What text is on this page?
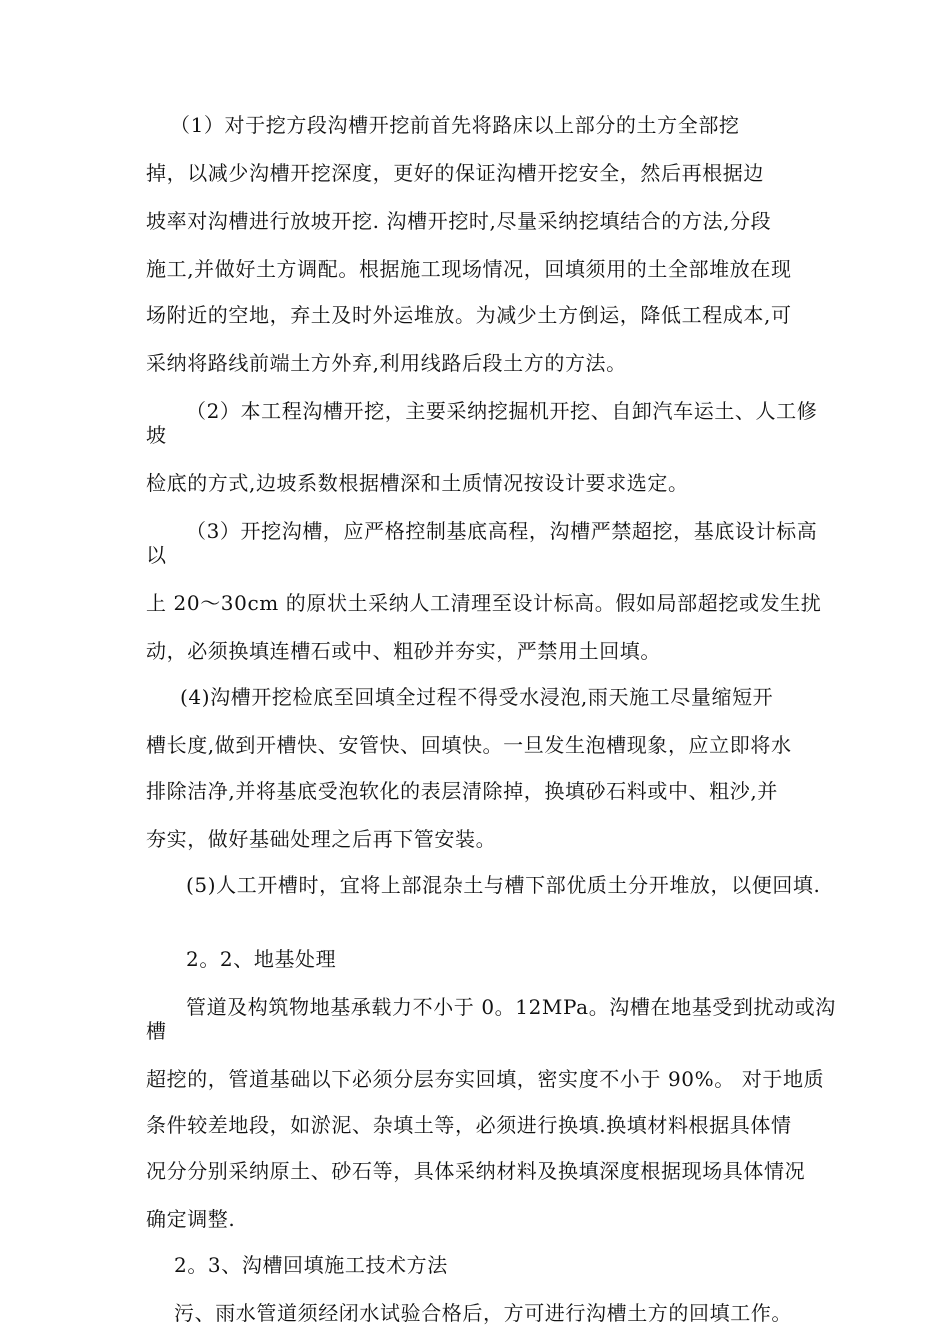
（1）对于挖方段沟槽开挖前首先将路床以上部分的土方全部挖
掉，以减少沟槽开挖深度，更好的保证沟槽开挖安全，然后再根据边
坡率对沟槽进行放坡开挖. 沟槽开挖时,尽量采纳挖填结合的方法,分段
施工,并做好土方调配。根据施工现场情况，回填须用的土全部堆放在现
场附近的空地，弃土及时外运堆放。为减少土方倒运，降低工程成本,可
采纳将路线前端土方外弃,利用线路后段土方的方法。
（2）本工程沟槽开挖，主要采纳挖掘机开挖、自卸汽车运土、人工修
坡
检底的方式,边坡系数根据槽深和土质情况按设计要求选定。
（3）开挖沟槽，应严格控制基底高程，沟槽严禁超挖，基底设计标高
以
上 20～30cm 的原状土采纳人工清理至设计标高。假如局部超挖或发生扰
动，必须换填连槽石或中、粗砂并夯实，严禁用土回填。
(4)沟槽开挖检底至回填全过程不得受水浸泡,雨天施工尽量缩短开
槽长度,做到开槽快、安管快、回填快。一旦发生泡槽现象，应立即将水
排除洁净,并将基底受泡软化的表层清除掉，换填砂石料或中、粗沙,并
夯实，做好基础处理之后再下管安装。
(5)人工开槽时，宜将上部混杂土与槽下部优质土分开堆放，以便回填.
2。2、地基处理
管道及构筑物地基承载力不小于 0。12MPa。沟槽在地基受到扰动或沟
槽
超挖的，管道基础以下必须分层夯实回填，密实度不小于 90%。 对于地质
条件较差地段，如淤泥、杂填土等，必须进行换填.换填材料根据具体情
况分分别采纳原土、砂石等，具体采纳材料及换填深度根据现场具体情况
确定调整.
2。3、沟槽回填施工技术方法
污、雨水管道须经闭水试验合格后，方可进行沟槽土方的回填工作。
